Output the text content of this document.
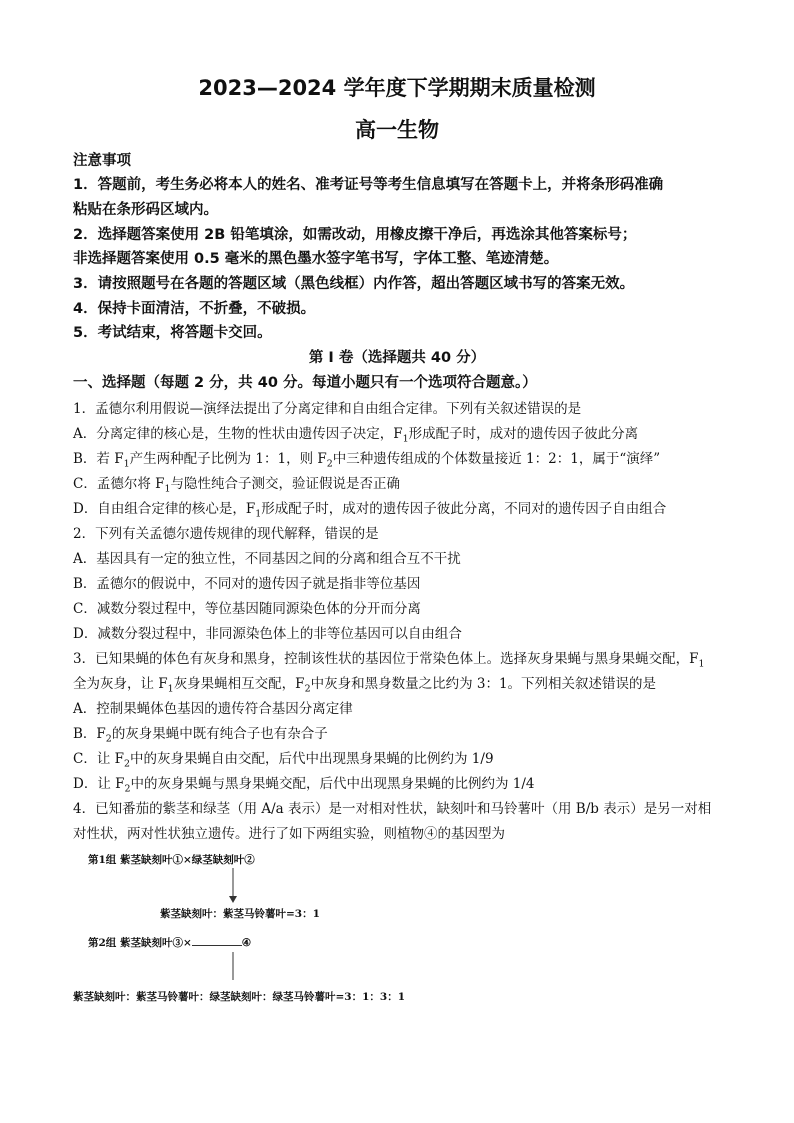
2023—2024 学年度下学期期末质量检测
高一生物
注意事项
1．答题前，考生务必将本人的姓名、准考证号等考生信息填写在答题卡上，并将条形码准确
粘贴在条形码区域内。
2．选择题答案使用 2B 铅笔填涂，如需改动，用橡皮擦干净后，再选涂其他答案标号；
非选择题答案使用 0.5 毫米的黑色墨水签字笔书写，字体工整、笔迹清楚。
3．请按照题号在各题的答题区域（黑色线框）内作答，超出答题区域书写的答案无效。
4．保持卡面清洁，不折叠，不破损。
5．考试结束，将答题卡交回。
第 I 卷（选择题共 40 分）
一、选择题（每题 2 分，共 40 分。每道小题只有一个选项符合题意。）
1．孟德尔利用假说—演绎法提出了分离定律和自由组合定律。下列有关叙述错误的是
A．分离定律的核心是，生物的性状由遗传因子决定，$F_1$形成配子时，成对的遗传因子彼此分离
B．若 $F_1$产生两种配子比例为 1：1，则 $F_2$中三种遗传组成的个体数量接近 1：2：1，属于“演绎”
C．孟德尔将 $F_1$与隐性纯合子测交，验证假说是否正确
D．自由组合定律的核心是，$F_1$形成配子时，成对的遗传因子彼此分离，不同对的遗传因子自由组合
2．下列有关孟德尔遗传规律的现代解释，错误的是
A．基因具有一定的独立性，不同基因之间的分离和组合互不干扰
B．孟德尔的假说中，不同对的遗传因子就是指非等位基因
C．减数分裂过程中，等位基因随同源染色体的分开而分离
D．减数分裂过程中，非同源染色体上的非等位基因可以自由组合
3．已知果蝇的体色有灰身和黑身，控制该性状的基因位于常染色体上。选择灰身果蝇与黑身果蝇交配，$F_1$
全为灰身，让 $F_1$灰身果蝇相互交配，$F_2$中灰身和黑身数量之比约为 3：1。下列相关叙述错误的是
A．控制果蝇体色基因的遗传符合基因分离定律
B．$F_2$的灰身果蝇中既有纯合子也有杂合子
C．让 $F_2$中的灰身果蝇自由交配，后代中出现黑身果蝇的比例约为 1/9
D．让 $F_2$中的灰身果蝇与黑身果蝇交配，后代中出现黑身果蝇的比例约为 1/4
4．已知番茄的紫茎和绿茎（用 A/a 表示）是一对相对性状，缺刻叶和马铃薯叶（用 B/b 表示）是另一对相
对性状，两对性状独立遗传。进行了如下两组实验，则植物④的基因型为
第1组 紫茎缺刻叶①×绿茎缺刻叶②
紫茎缺刻叶：紫茎马铃薯叶=3：1
第2组 紫茎缺刻叶③×	④
紫茎缺刻叶：紫茎马铃薯叶：绿茎缺刻叶：绿茎马铃薯叶=3：1：3：1
